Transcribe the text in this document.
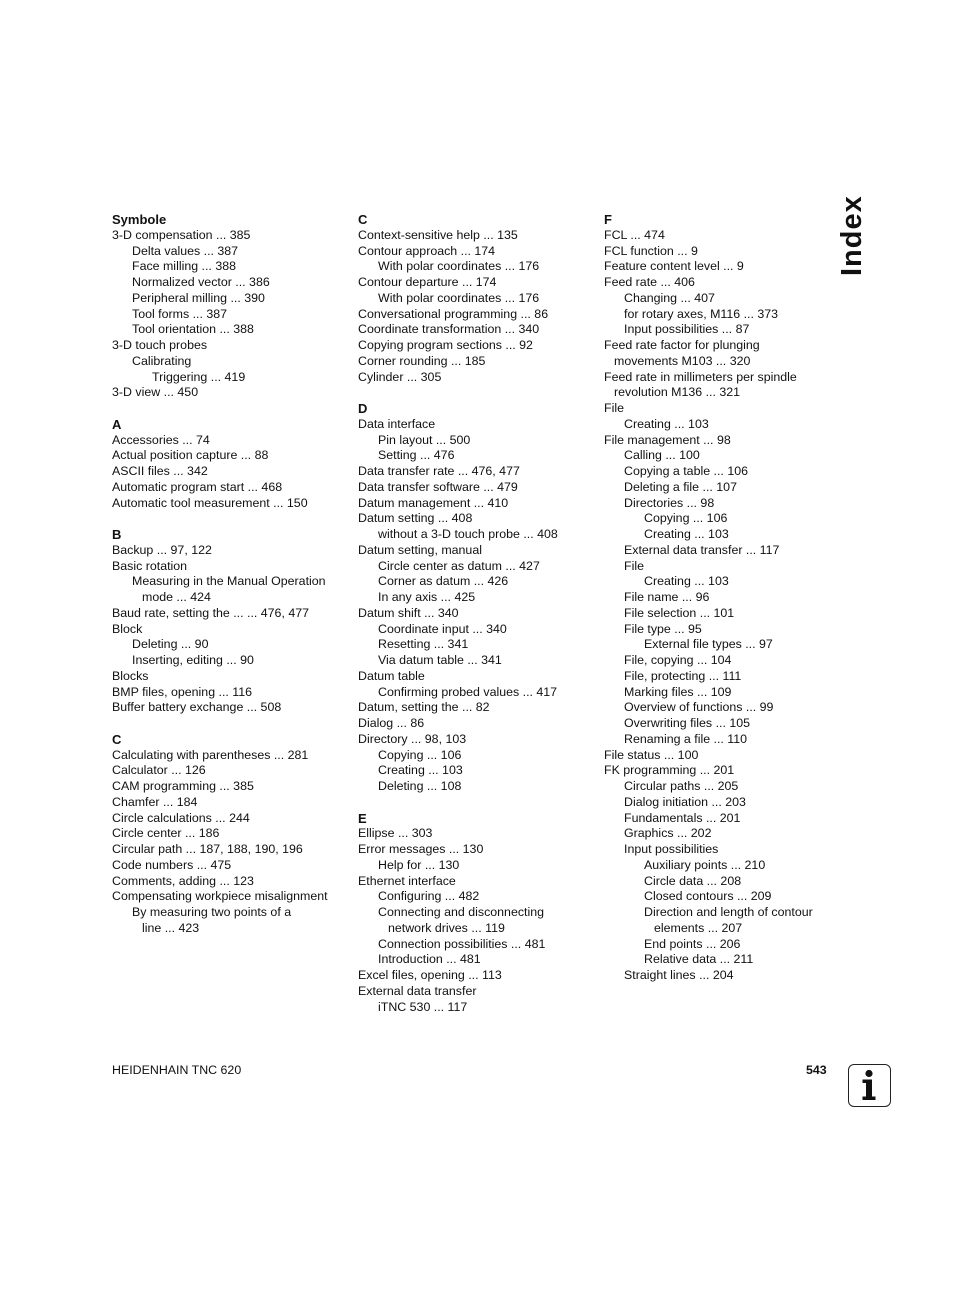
Symbole
3-D compensation ... 385
Delta values ... 387
Face milling ... 388
Normalized vector ... 386
Peripheral milling ... 390
Tool forms ... 387
Tool orientation ... 388
3-D touch probes
Calibrating
Triggering ... 419
3-D view ... 450
A
Accessories ... 74
Actual position capture ... 88
ASCII files ... 342
Automatic program start ... 468
Automatic tool measurement ... 150
B
Backup ... 97, 122
Basic rotation
Measuring in the Manual Operation
mode ... 424
Baud rate, setting the ... ... 476, 477
Block
Deleting ... 90
Inserting, editing ... 90
Blocks
BMP files, opening ... 116
Buffer battery exchange ... 508
C
Calculating with parentheses ... 281
Calculator ... 126
CAM programming ... 385
Chamfer ... 184
Circle calculations ... 244
Circle center ... 186
Circular path ... 187, 188, 190, 196
Code numbers ... 475
Comments, adding ... 123
Compensating workpiece misalignment
By measuring two points of a
line ... 423
C
Context-sensitive help ... 135
Contour approach ... 174
With polar coordinates ... 176
Contour departure ... 174
With polar coordinates ... 176
Conversational programming ... 86
Coordinate transformation ... 340
Copying program sections ... 92
Corner rounding ... 185
Cylinder ... 305
D
Data interface
Pin layout ... 500
Setting ... 476
Data transfer rate ... 476, 477
Data transfer software ... 479
Datum management ... 410
Datum setting ... 408
without a 3-D touch probe ... 408
Datum setting, manual
Circle center as datum ... 427
Corner as datum ... 426
In any axis ... 425
Datum shift ... 340
Coordinate input ... 340
Resetting ... 341
Via datum table ... 341
Datum table
Confirming probed values ... 417
Datum, setting the ... 82
Dialog ... 86
Directory ... 98, 103
Copying ... 106
Creating ... 103
Deleting ... 108
E
Ellipse ... 303
Error messages ... 130
Help for ... 130
Ethernet interface
Configuring ... 482
Connecting and disconnecting
network drives ... 119
Connection possibilities ... 481
Introduction ... 481
Excel files, opening ... 113
External data transfer
iTNC 530 ... 117
F
FCL ... 474
FCL function ... 9
Feature content level ... 9
Feed rate ... 406
Changing ... 407
for rotary axes, M116 ... 373
Input possibilities ... 87
Feed rate factor for plunging
movements M103 ... 320
Feed rate in millimeters per spindle
revolution M136 ... 321
File
Creating ... 103
File management ... 98
Calling ... 100
Copying a table ... 106
Deleting a file ... 107
Directories ... 98
Copying ... 106
Creating ... 103
External data transfer ... 117
File
Creating ... 103
File name ... 96
File selection ... 101
File type ... 95
External file types ... 97
File, copying ... 104
File, protecting ... 111
Marking files ... 109
Overview of functions ... 99
Overwriting files ... 105
Renaming a file ... 110
File status ... 100
FK programming ... 201
Circular paths ... 205
Dialog initiation ... 203
Fundamentals ... 201
Graphics ... 202
Input possibilities
Auxiliary points ... 210
Circle data ... 208
Closed contours ... 209
Direction and length of contour
elements ... 207
End points ... 206
Relative data ... 211
Straight lines ... 204
Index
HEIDENHAIN TNC 620	543
